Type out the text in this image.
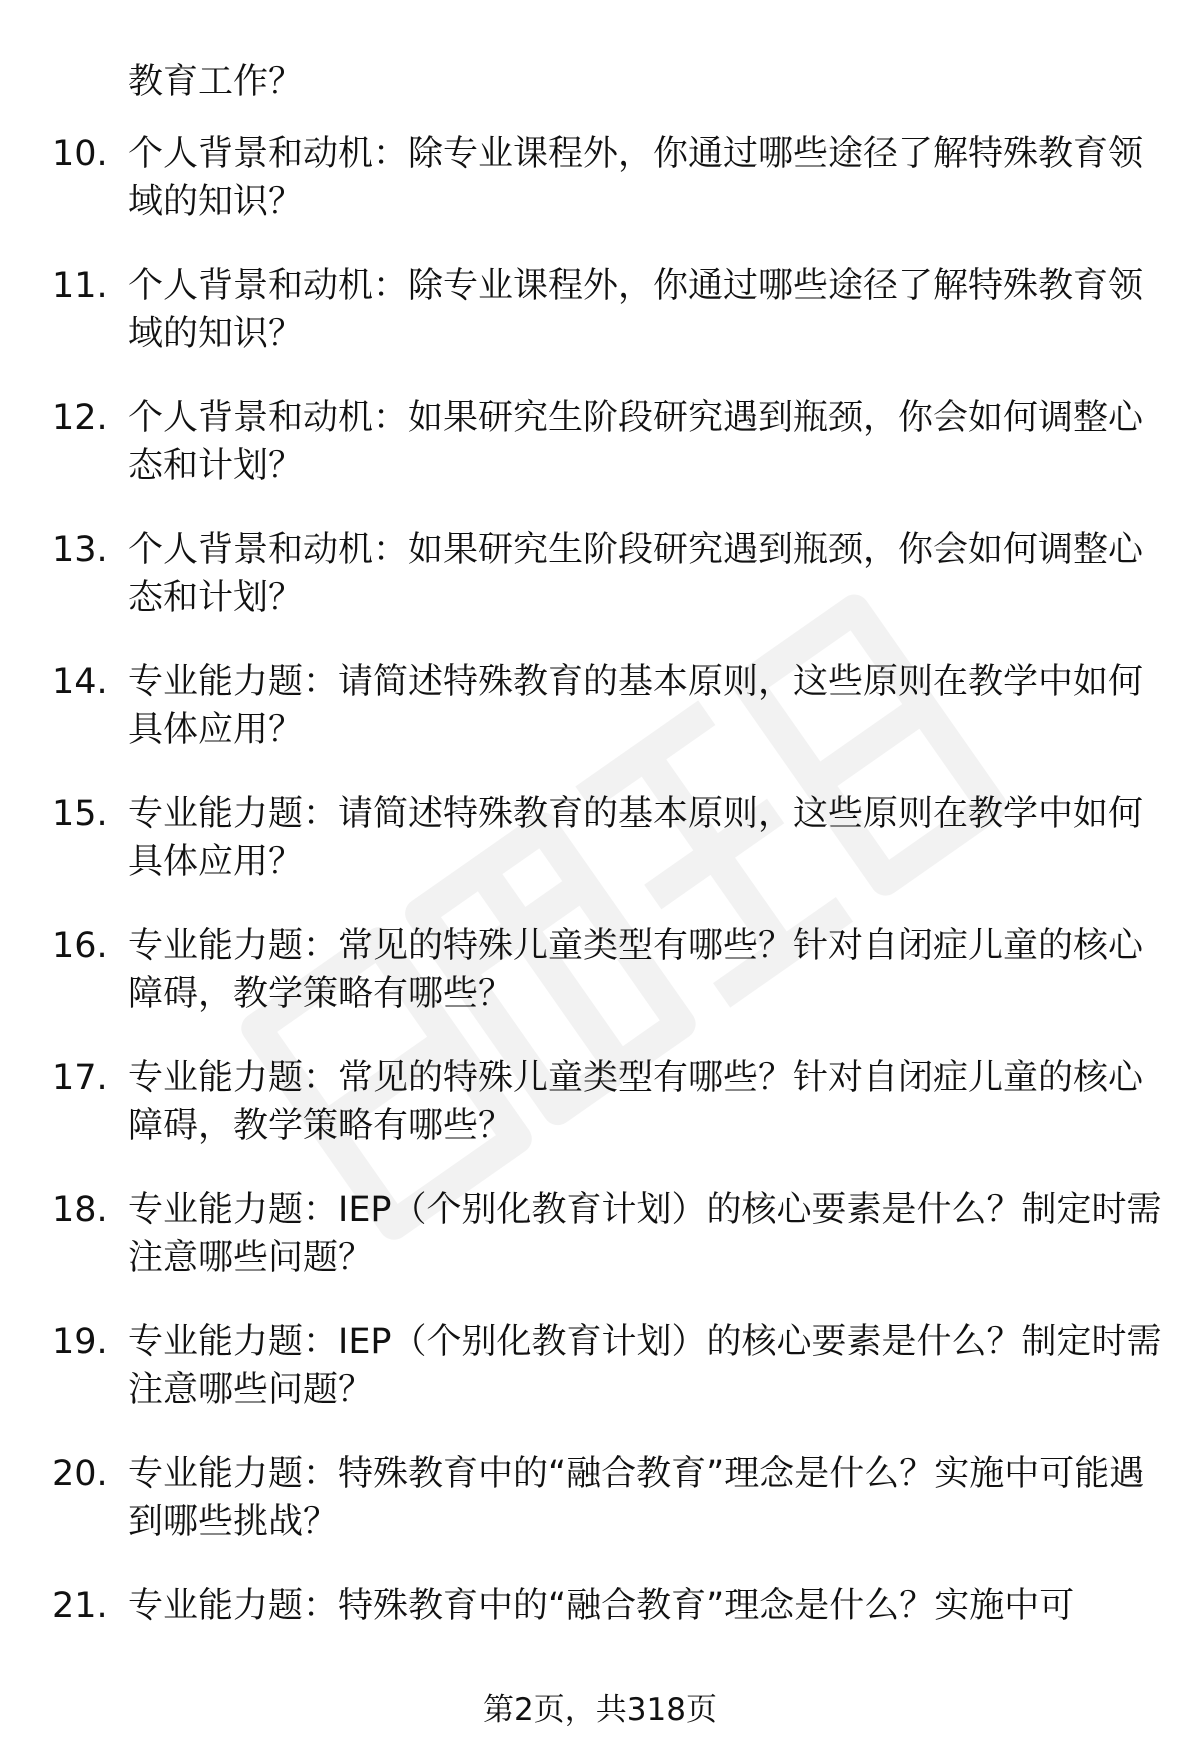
教育工作？

10. 个人背景和动机：除专业课程外，你通过哪些途径了解特殊教育领域的知识？
11. 个人背景和动机：除专业课程外，你通过哪些途径了解特殊教育领域的知识？
12. 个人背景和动机：如果研究生阶段研究遇到瓶颈，你会如何调整心态和计划？
13. 个人背景和动机：如果研究生阶段研究遇到瓶颈，你会如何调整心态和计划？
14. 专业能力题：请简述特殊教育的基本原则，这些原则在教学中如何具体应用？
15. 专业能力题：请简述特殊教育的基本原则，这些原则在教学中如何具体应用？
16. 专业能力题：常见的特殊儿童类型有哪些？针对自闭症儿童的核心障碍，教学策略有哪些？
17. 专业能力题：常见的特殊儿童类型有哪些？针对自闭症儿童的核心障碍，教学策略有哪些？
18. 专业能力题：IEP（个别化教育计划）的核心要素是什么？制定时需注意哪些问题？
19. 专业能力题：IEP（个别化教育计划）的核心要素是什么？制定时需注意哪些问题？
20. 专业能力题：特殊教育中的“融合教育”理念是什么？实施中可能遇到哪些挑战？
21. 专业能力题：特殊教育中的“融合教育”理念是什么？实施中可
第2页，共318页
